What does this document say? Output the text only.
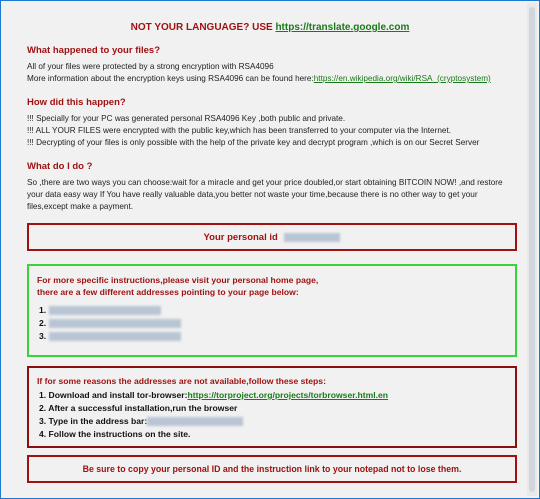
NOT YOUR LANGUAGE? USE https://translate.google.com
What happened to your files?
All of your files were protected by a strong encryption with RSA4096
More information about the encryption keys using RSA4096 can be found here:https://en.wikipedia.org/wiki/RSA_(cryptosystem)
How did this happen?
!!! Specially for your PC was generated personal RSA4096 Key ,both public and private.
!!! ALL YOUR FILES were encrypted with the public key,which has been transferred to your computer via the Internet.
!!! Decrypting of your files is only possible with the help of the private key and decrypt program ,which is on our Secret Server
What do I do ?
So ,there are two ways you can choose:wait for a miracle and get your price doubled,or start obtaining BITCOIN NOW! ,and restore your data easy way If You have really valuable data,you better not waste your time,because there is no other way to get your files,except make a payment.
Your personal id
For more specific instructions,please visit your personal home page,
there are a few different addresses pointing to your page below:
1.
2.
3.
If for some reasons the addresses are not available,follow these steps:
1. Download and install tor-browser:https://torproject.org/projects/torbrowser.html.en
2. After a successful installation,run the browser
3. Type in the address bar:
4. Follow the instructions on the site.
Be sure to copy your personal ID and the instruction link to your notepad not to lose them.
